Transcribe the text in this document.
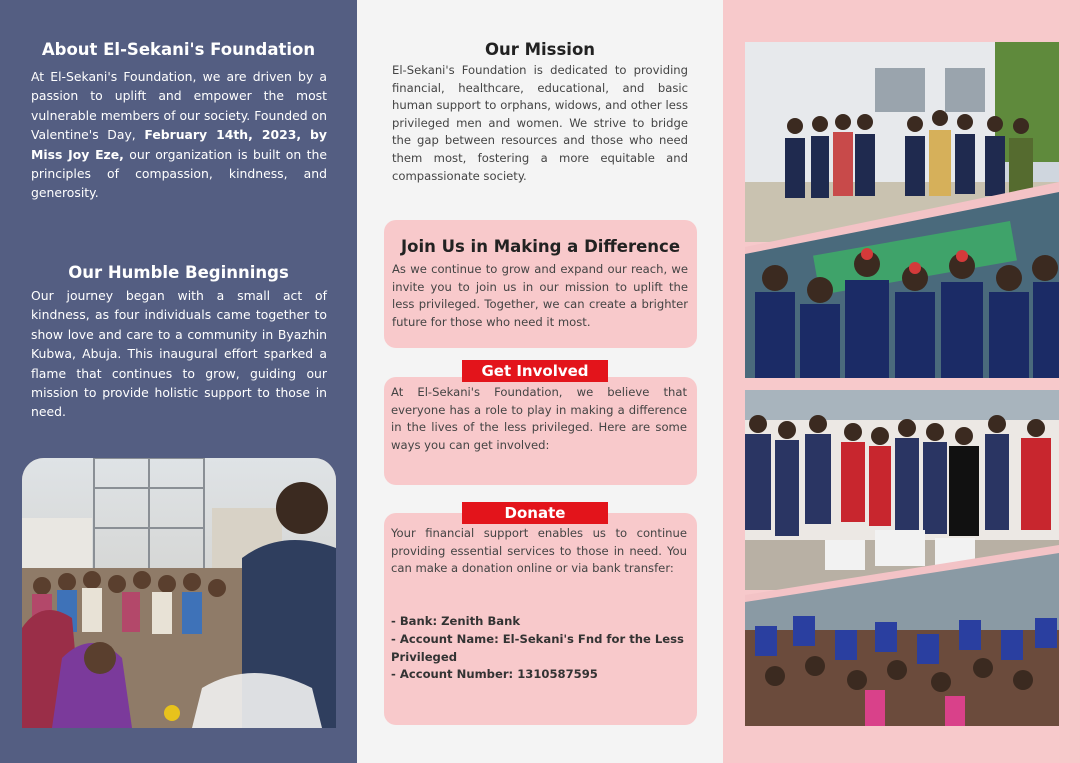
About El-Sekani's Foundation

At El-Sekani's Foundation, we are driven by a passion to uplift and empower the most vulnerable members of our society. Founded on Valentine's Day, February 14th, 2023, by Miss Joy Eze, our organization is built on the principles of compassion, kindness, and generosity.

Our Humble Beginnings

Our journey began with a small act of kindness, as four individuals came together to show love and care to a community in Byazhin Kubwa, Abuja. This inaugural effort sparked a flame that continues to grow, guiding our mission to provide holistic support to those in need.

Our Mission

El-Sekani's Foundation is dedicated to providing financial, healthcare, educational, and basic human support to orphans, widows, and other less privileged men and women. We strive to bridge the gap between resources and those who need them most, fostering a more equitable and compassionate society.

Join Us in Making a Difference

As we continue to grow and expand our reach, we invite you to join us in our mission to uplift the less privileged. Together, we can create a brighter future for those who need it most.

At El-Sekani's Foundation, we believe that everyone has a role to play in making a difference in the lives of the less privileged. Here are some ways you can get involved:

Get Involved

Your financial support enables us to continue providing essential services to those in need. You can make a donation online or via bank transfer:

- Bank: Zenith Bank
- Account Name: El-Sekani's Fnd for the Less Privileged
- Account Number: 1310587595
Donate
